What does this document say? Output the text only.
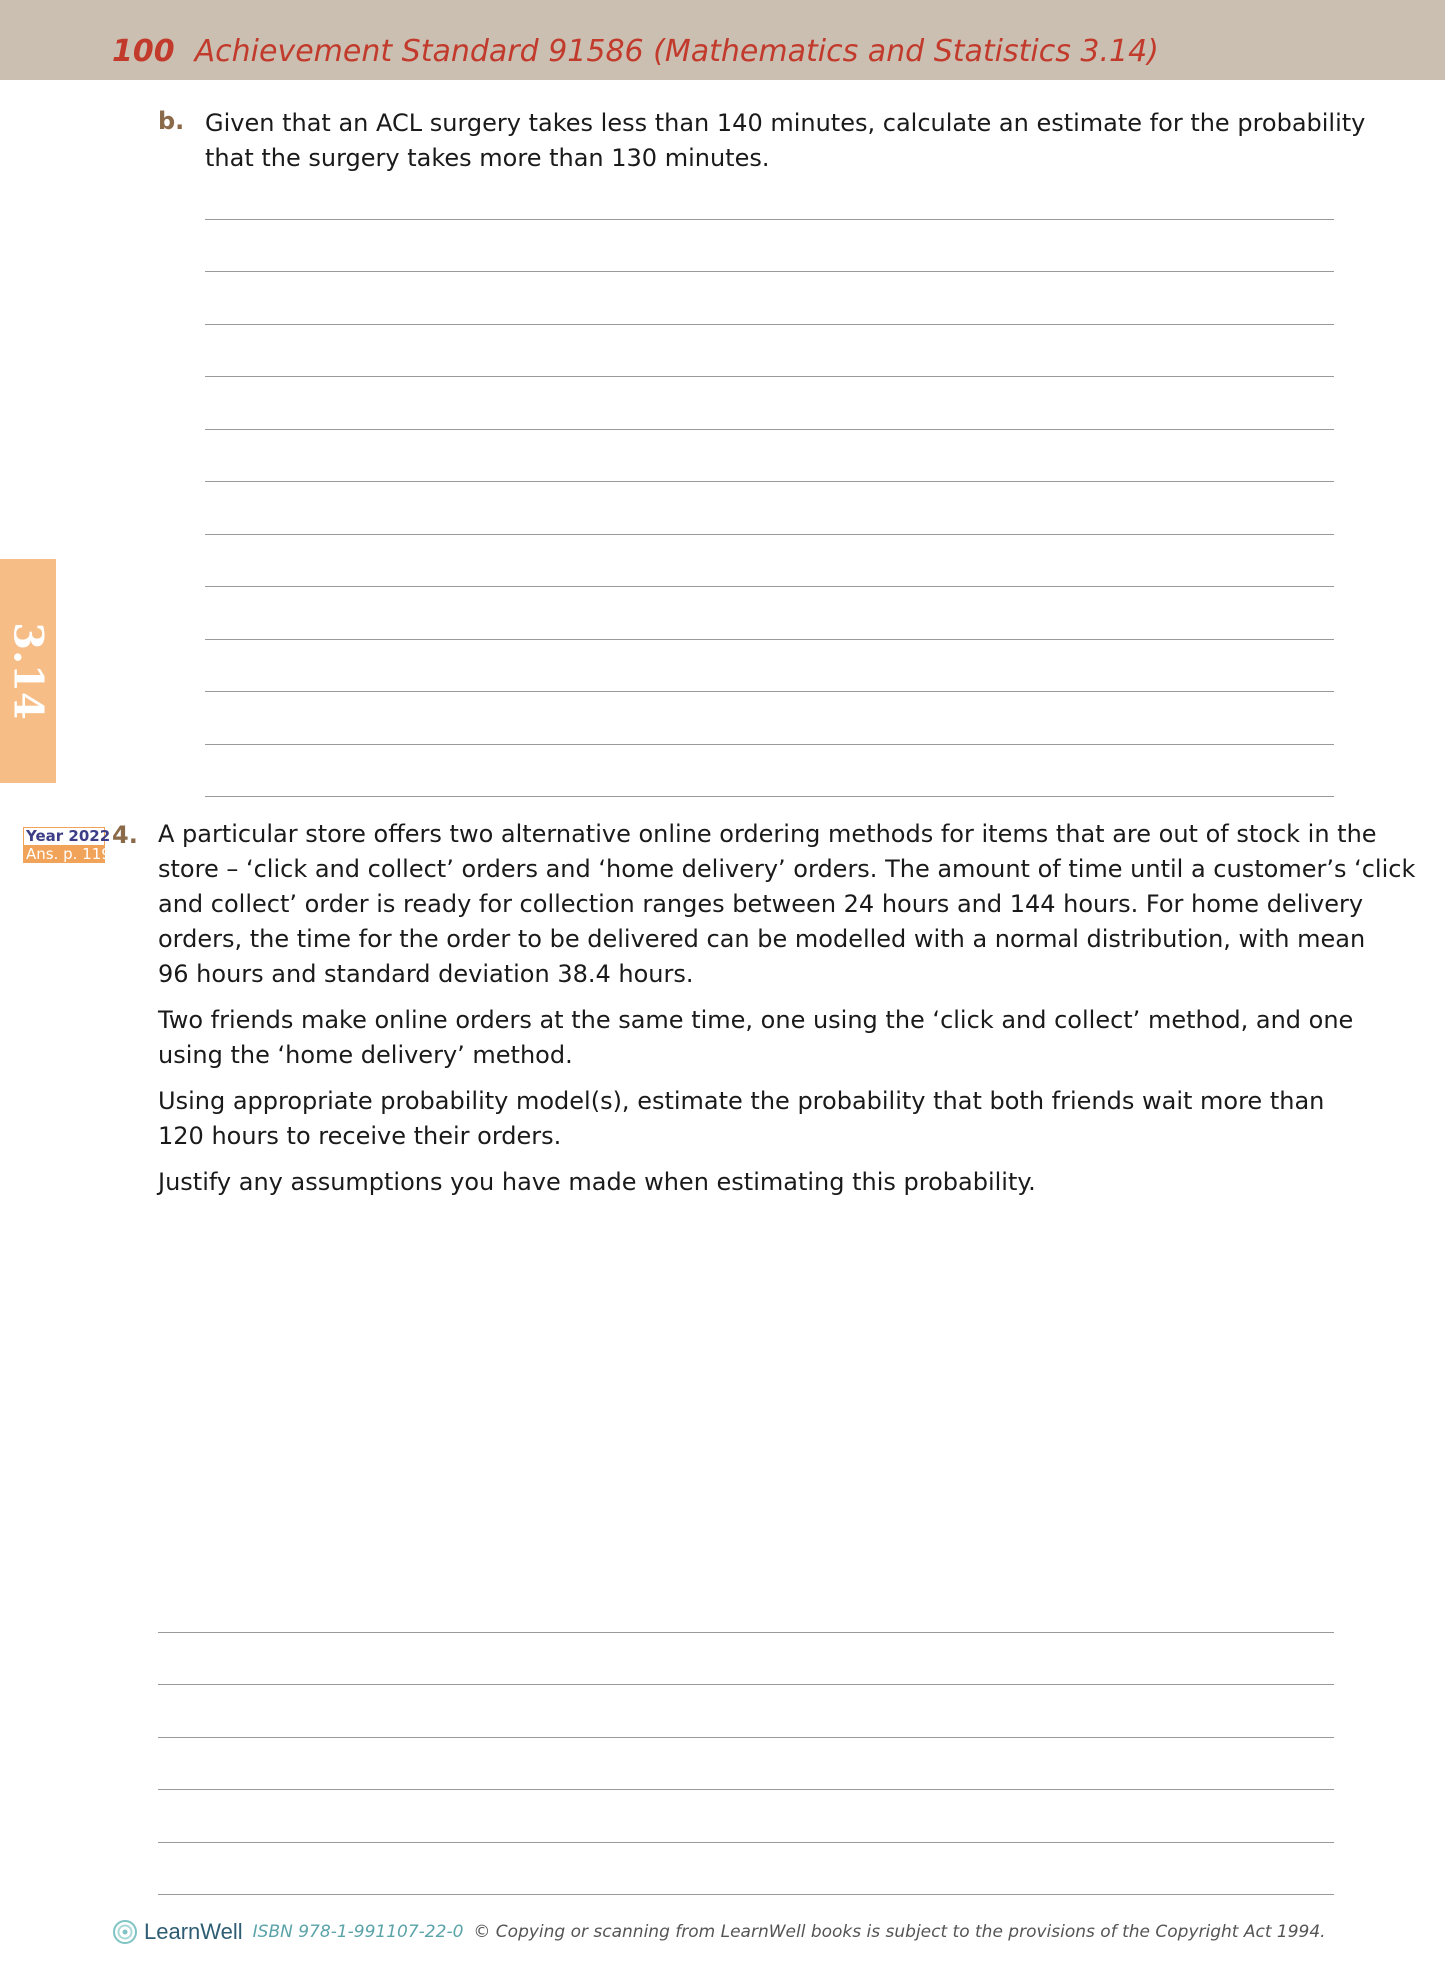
100 Achievement Standard 91586 (Mathematics and Statistics 3.14)
3.14
b. Given that an ACL surgery takes less than 140 minutes, calculate an estimate for the probability
that the surgery takes more than 130 minutes.
Year 2022
Ans. p. 119
4. A particular store offers two alternative online ordering methods for items that are out of stock in the
store – ‘click and collect’ orders and ‘home delivery’ orders. The amount of time until a customer’s ‘click
and collect’ order is ready for collection ranges between 24 hours and 144 hours. For home delivery
orders, the time for the order to be delivered can be modelled with a normal distribution, with mean
96 hours and standard deviation 38.4 hours.

Two friends make online orders at the same time, one using the ‘click and collect’ method, and one
using the ‘home delivery’ method.

Using appropriate probability model(s), estimate the probability that both friends wait more than
120 hours to receive their orders.

Justify any assumptions you have made when estimating this probability.

LearnWell ISBN 978-1-991107-22-0 © Copying or scanning from LearnWell books is subject to the provisions of the Copyright Act 1994.
